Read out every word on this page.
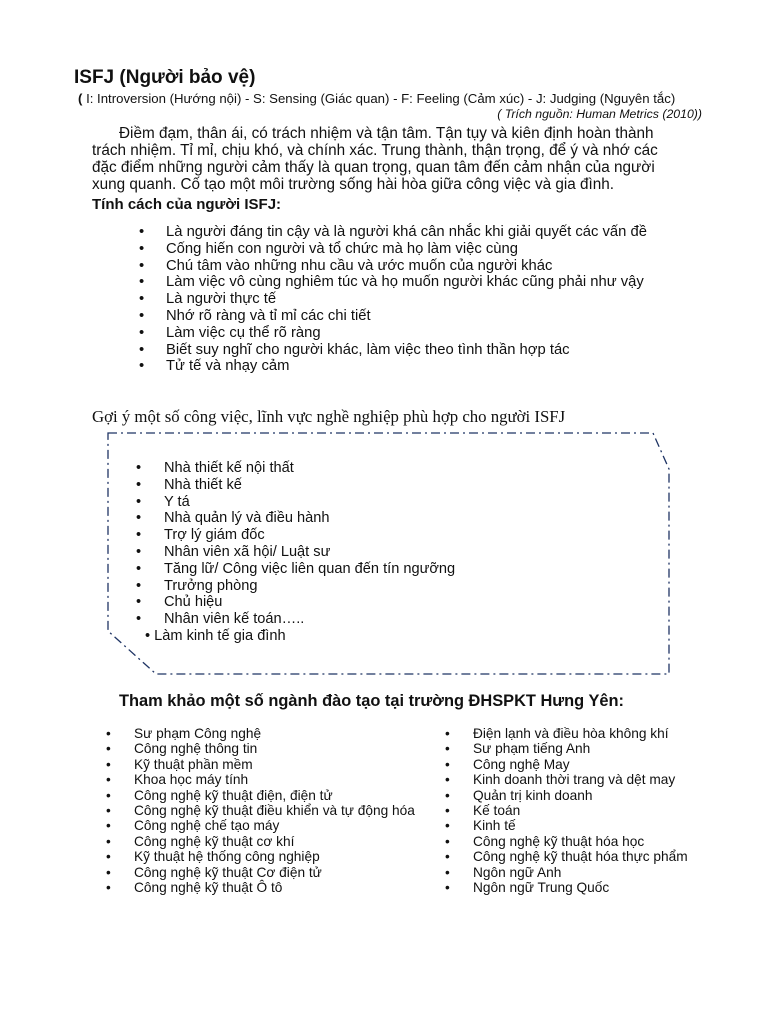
ISFJ (Người bảo vệ)
( I: Introversion (Hướng nội) - S: Sensing (Giác quan) - F: Feeling (Cảm xúc) - J: Judging (Nguyên tắc)
( Trích nguồn: Human Metrics (2010))

Điềm đạm, thân ái, có trách nhiệm và tận tâm. Tận tụy và kiên định hoàn thành trách nhiệm. Tỉ mỉ, chịu khó, và chính xác. Trung thành, thận trọng, để ý và nhớ các đặc điểm những người cảm thấy là quan trọng, quan tâm đến cảm nhận của người xung quanh. Cố tạo một môi trường sống hài hòa giữa công việc và gia đình.

Tính cách của người ISFJ:
• Là người đáng tin cậy và là người khá cân nhắc khi giải quyết các vấn đề
• Cống hiến con người và tổ chức mà họ làm việc cùng
• Chú tâm vào những nhu cầu và ước muốn của người khác
• Làm việc vô cùng nghiêm túc và họ muốn người khác cũng phải như vậy
• Là người thực tế
• Nhớ rõ ràng và tỉ mỉ các chi tiết
• Làm việc cụ thể rõ ràng
• Biết suy nghĩ cho người khác, làm việc theo tình thần hợp tác
• Tử tế và nhạy cảm
Gợi ý một số công việc, lĩnh vực nghề nghiệp phù hợp cho người ISFJ
• Nhà thiết kế nội thất
• Nhà thiết kế
• Y tá
• Nhà quản lý và điều hành
• Trợ lý giám đốc
• Nhân viên xã hội/ Luật sư
• Tăng lữ/ Công việc liên quan đến tín ngưỡng
• Trưởng phòng
• Chủ hiệu
• Nhân viên kế toán…..
• Làm kinh tế gia đình
Tham khảo một số ngành đào tạo tại trường ĐHSPKT Hưng Yên:
• Sư phạm Công nghệ
• Công nghệ thông tin
• Kỹ thuật phần mềm
• Khoa học máy tính
• Công nghệ kỹ thuật điện, điện tử
• Công nghệ kỹ thuật điều khiển và tự động hóa
• Công nghệ chế tạo máy
• Công nghệ kỹ thuật cơ khí
• Kỹ thuật hệ thống công nghiệp
• Công nghệ kỹ thuật Cơ điện tử
• Công nghệ kỹ thuật Ô tô
• Điện lạnh và điều hòa không khí
• Sư phạm tiếng Anh
• Công nghệ May
• Kinh doanh thời trang và dệt may
• Quản trị kinh doanh
• Kế toán
• Kinh tế
• Công nghệ kỹ thuật hóa học
• Công nghệ kỹ thuật hóa thực phẩm
• Ngôn ngữ Anh
• Ngôn ngữ Trung Quốc
